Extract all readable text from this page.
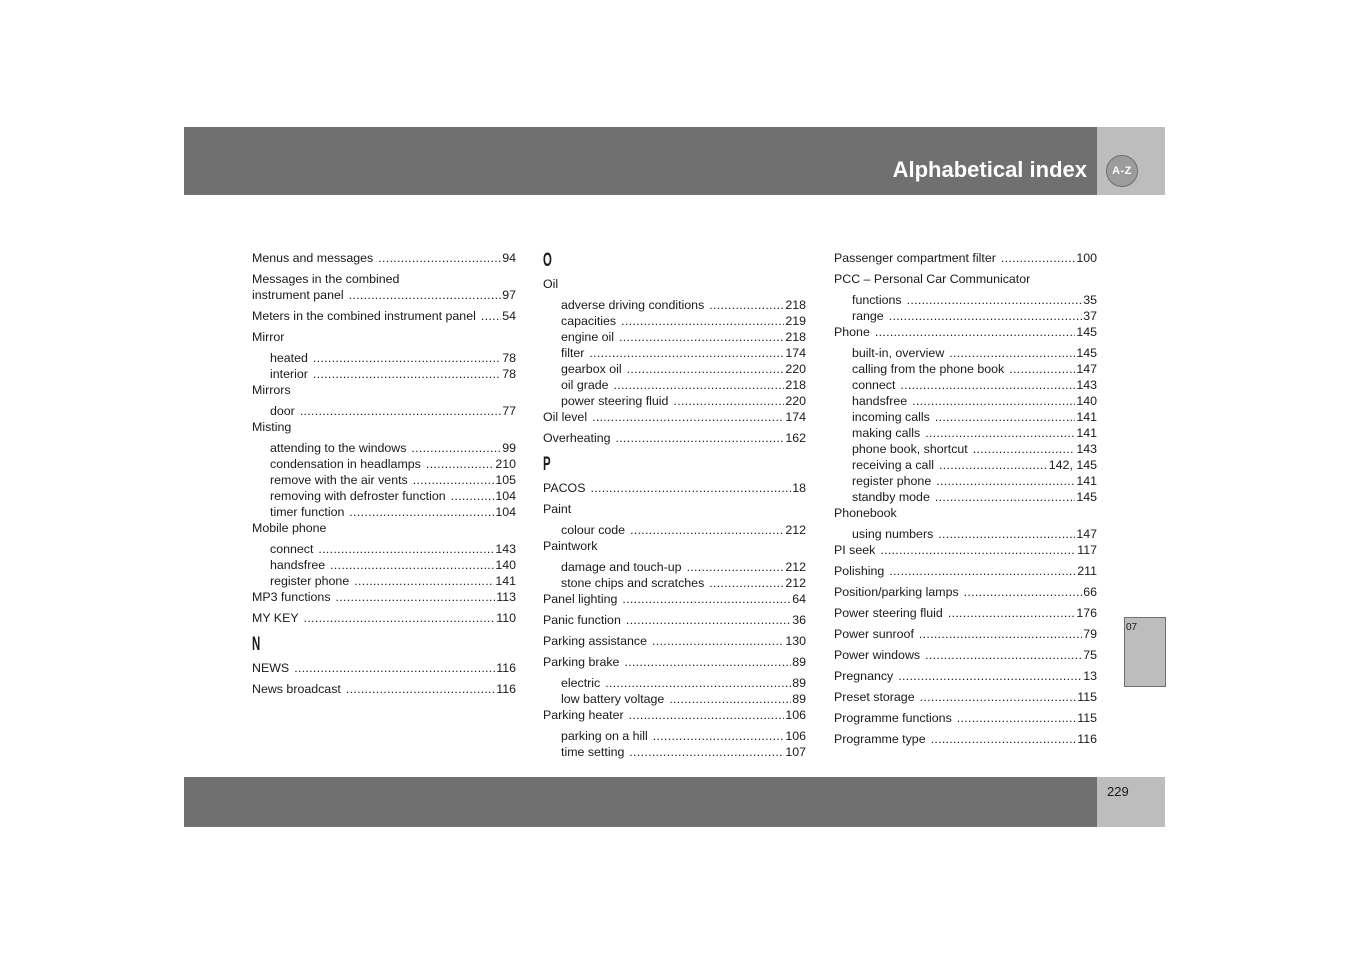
Alphabetical index A-Z
07
Menus and messages .....	94
Messages in the combined
instrument panel .....	97
Meters in the combined instrument panel ..... 54
Mirror
heated .....	78
interior .....	78
Mirrors
door .....	77
Misting
attending to the windows .....	99
condensation in headlamps .....	210
remove with the air vents .....	105
removing with defroster function .....	104
timer function .....	104
Mobile phone
connect .....	143
handsfree .....	140
register phone .....	141
MP3 functions .....	113
MY KEY .....	110
N
NEWS .....	116
News broadcast .....	116
O
Oil
adverse driving conditions .....	218
capacities .....	219
engine oil .....	218
filter .....	174
gearbox oil .....	220
oil grade .....	218
power steering fluid .....	220
Oil level .....	174
Overheating .....	162
P
PACOS .....	18
Paint
colour code .....	212
Paintwork
damage and touch-up .....	212
stone chips and scratches .....	212
Panel lighting .....	64
Panic function .....	36
Parking assistance .....	130
Parking brake .....	89
electric .....	89
low battery voltage .....	89
Parking heater .....	106
parking on a hill .....	106
time setting .....	107
Passenger compartment filter .....	100
PCC – Personal Car Communicator
functions .....	35
range .....	37
Phone .....	145
built-in, overview .....	145
calling from the phone book .....	147
connect .....	143
handsfree .....	140
incoming calls .....	141
making calls .....	141
phone book, shortcut .....	143
receiving a call .....	142, 145
register phone .....	141
standby mode .....	145
Phonebook
using numbers .....	147
PI seek .....	117
Polishing .....	211
Position/parking lamps .....	66
Power steering fluid .....	176
Power sunroof .....	79
Power windows .....	75
Pregnancy .....	13
Preset storage .....	115
Programme functions .....	115
Programme type .....	116
229
